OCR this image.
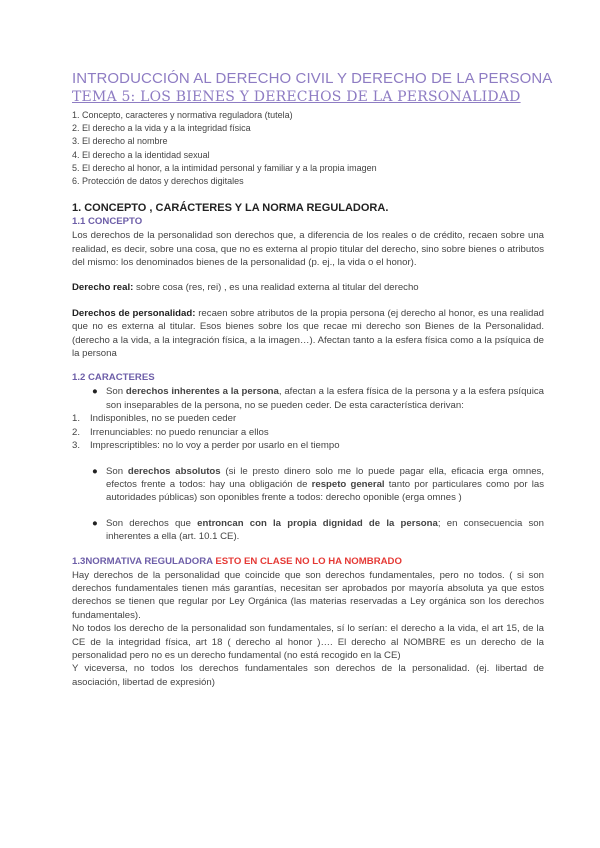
INTRODUCCIÓN AL DERECHO CIVIL Y DERECHO DE LA PERSONA
TEMA 5: LOS BIENES Y DERECHOS DE LA PERSONALIDAD
1. Concepto, caracteres y normativa reguladora (tutela)
2. El derecho a la vida y a la integridad física
3. El derecho al nombre
4. El derecho a la identidad sexual
5. El derecho al honor, a la intimidad personal y familiar y a la propia imagen
6. Protección de datos y derechos digitales
1. CONCEPTO , CARÁCTERES Y LA NORMA REGULADORA.
1.1 CONCEPTO

Los derechos de la personalidad son derechos que, a diferencia de los reales o de crédito, recaen sobre una realidad, es decir, sobre una cosa, que no es externa al propio titular del derecho, sino sobre bienes o atributos del mismo: los denominados bienes de la personalidad (p. ej., la vida o el honor).

Derecho real: sobre cosa (res, rei) , es una realidad externa al titular del derecho

Derechos de personalidad: recaen sobre atributos de la propia persona (ej derecho al honor, es una realidad que no es externa al titular. Esos bienes sobre los que recae mi derecho son Bienes de la Personalidad. (derecho a la vida, a la integración física, a la imagen…). Afectan tanto a la esfera física como a la psíquica de la persona

1.2 CARACTERES
● Son derechos inherentes a la persona, afectan a la esfera física de la persona y a la esfera psíquica son inseparables de la persona, no se pueden ceder. De esta característica derivan:
1. Indisponibles, no se pueden ceder
2. Irrenunciables: no puedo renunciar a ellos
3. Imprescriptibles: no lo voy a perder por usarlo en el tiempo
● Son derechos absolutos (si le presto dinero solo me lo puede pagar ella, eficacia erga omnes, efectos frente a todos: hay una obligación de respeto general tanto por particulares como por las autoridades públicas) son oponibles frente a todos: derecho oponible (erga omnes )
● Son derechos que entroncan con la propia dignidad de la persona; en consecuencia son inherentes a ella (art. 10.1 CE).
1.3NORMATIVA REGULADORA ESTO EN CLASE NO LO HA NOMBRADO

Hay derechos de la personalidad que coincide que son derechos fundamentales, pero no todos. ( si son derechos fundamentales tienen más garantías, necesitan ser aprobados por mayoría absoluta ya que estos derechos se tienen que regular por Ley Orgánica (las materias reservadas a Ley orgánica son los derechos fundamentales).

No todos los derecho de la personalidad son fundamentales, sí lo serían: el derecho a la vida, el art 15, de la CE de la integridad física, art 18 ( derecho al honor )…. El derecho al NOMBRE es un derecho de la personalidad pero no es un derecho fundamental (no está recogido en la CE)

Y viceversa, no todos los derechos fundamentales son derechos de la personalidad. (ej. libertad de asociación, libertad de expresión)
